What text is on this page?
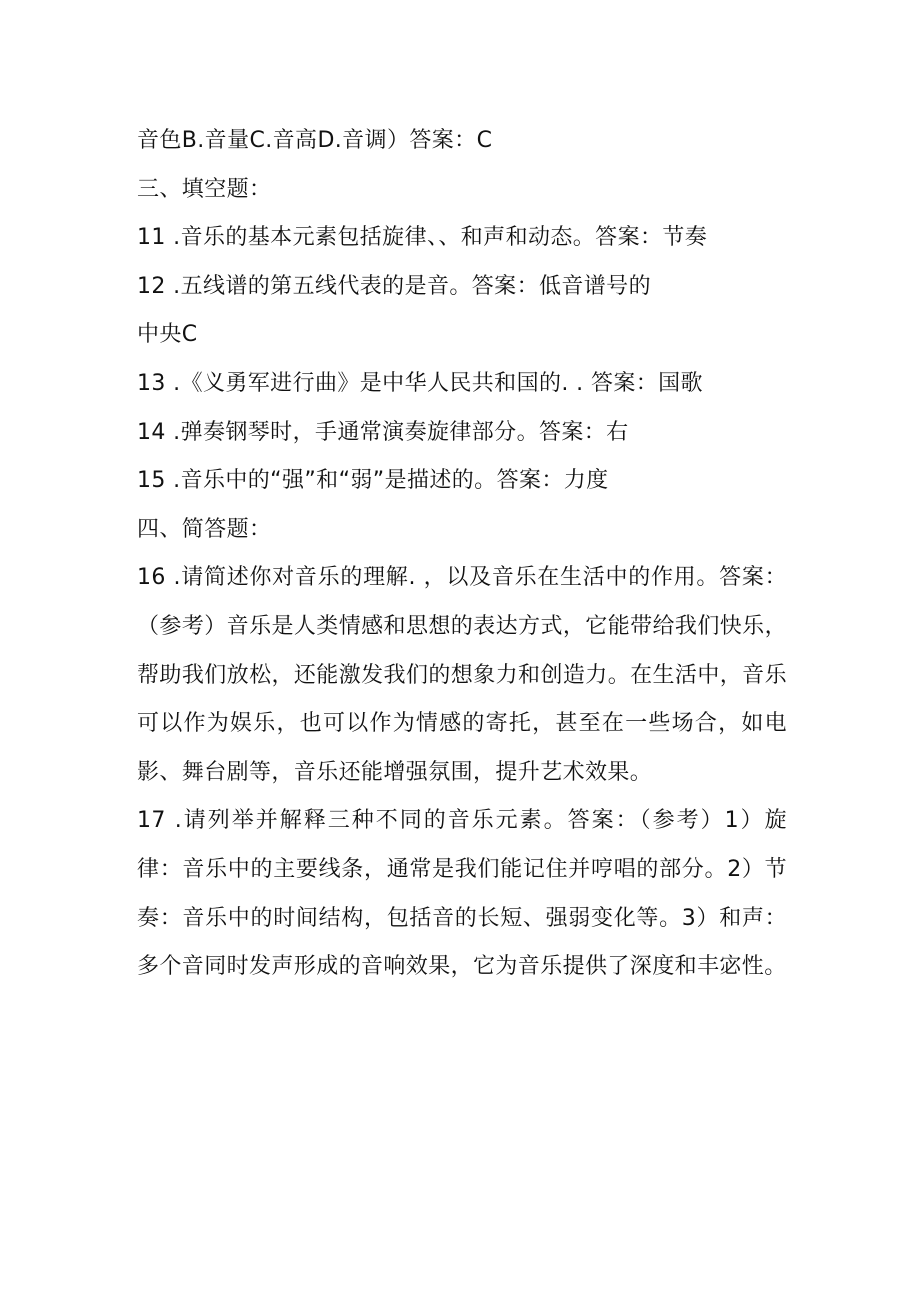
音色B.音量C.音高D.音调）答案：C
三、填空题：
11 .音乐的基本元素包括旋律、、和声和动态。答案：节奏
12 .五线谱的第五线代表的是音。答案：低音谱号的
中央C
13 .《义勇军进行曲》是中华人民共和国的. . 答案：国歌
14 .弹奏钢琴时，手通常演奏旋律部分。答案：右
15 .音乐中的“强”和“弱”是描述的。答案：力度
四、简答题：
16 .请简述你对音乐的理解. ，以及音乐在生活中的作用。答案：（参考）音乐是人类情感和思想的表达方式，它能带给我们快乐，帮助我们放松，还能激发我们的想象力和创造力。在生活中，音乐可以作为娱乐，也可以作为情感的寄托，甚至在一些场合，如电影、舞台剧等，音乐还能增强氛围，提升艺术效果。
17 .请列举并解释三种不同的音乐元素。答案：（参考）1）旋律：音乐中的主要线条，通常是我们能记住并哼唱的部分。2）节奏：音乐中的时间结构，包括音的长短、强弱变化等。3）和声：多个音同时发声形成的音响效果，它为音乐提供了深度和丰宓性。
